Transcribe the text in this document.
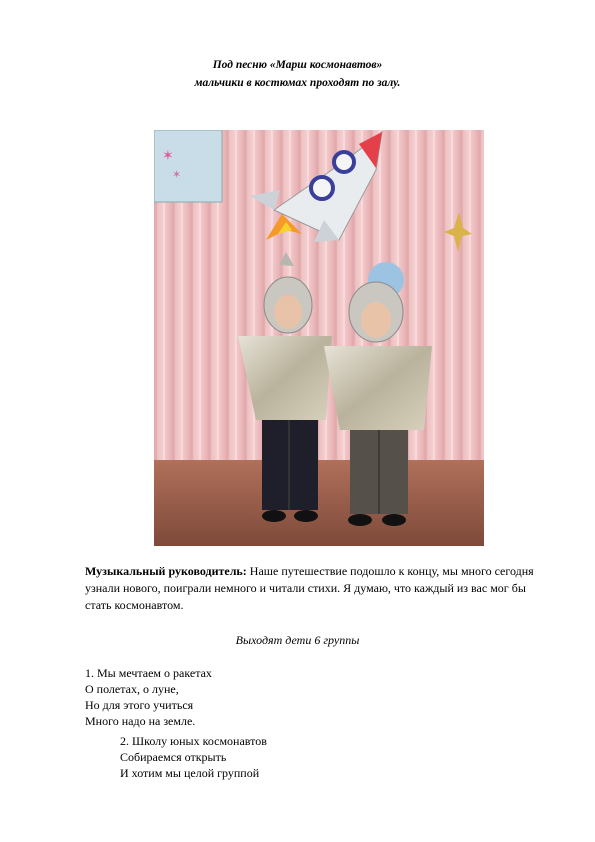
Под песню «Марш космонавтов»
мальчики в костюмах проходят по залу.
✶
✶
Музыкальный руководитель: Наше путешествие подошло к концу, мы много сегодня узнали нового, поиграли немного и читали стихи. Я думаю, что каждый из вас мог бы стать космонавтом.
Выходят дети 6 группы
1. Мы мечтаем о ракетах
О полетах, о луне,
Но для этого учиться
Много надо на земле.
2. Школу юных космонавтов
Собираемся открыть
И хотим мы целой группой
